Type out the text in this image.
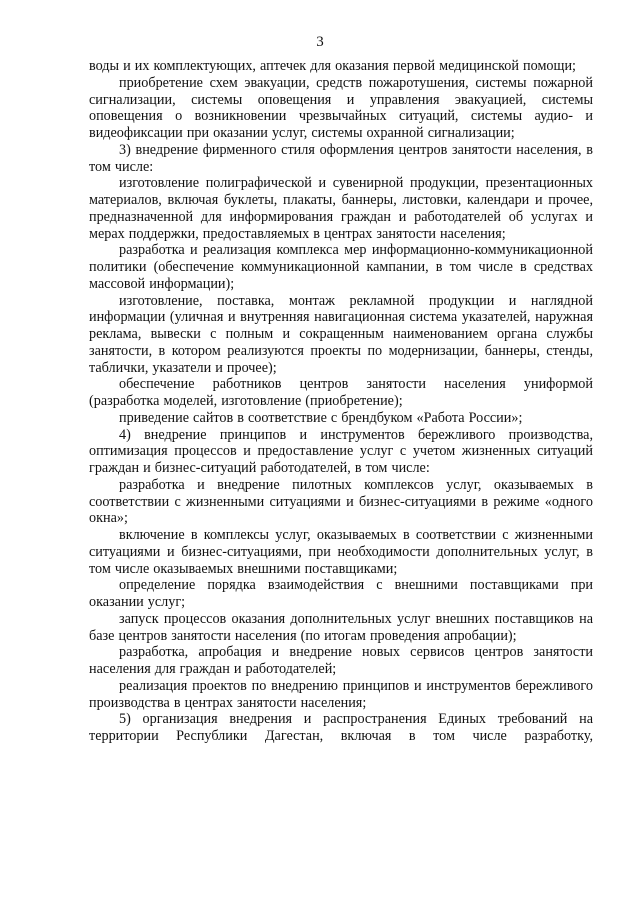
3

воды и их комплектующих, аптечек для оказания первой медицинской помощи;

приобретение схем эвакуации, средств пожаротушения, системы пожарной сигнализации, системы оповещения и управления эвакуацией, системы оповещения о возникновении чрезвычайных ситуаций, системы аудио- и видеофиксации при оказании услуг, системы охранной сигнализации;

3) внедрение фирменного стиля оформления центров занятости населения, в том числе:

изготовление полиграфической и сувенирной продукции, презентационных материалов, включая буклеты, плакаты, баннеры, листовки, календари и прочее, предназначенной для информирования граждан и работодателей об услугах и мерах поддержки, предоставляемых в центрах занятости населения;

разработка и реализация комплекса мер информационно-коммуникационной политики (обеспечение коммуникационной кампании, в том числе в средствах массовой информации);

изготовление, поставка, монтаж рекламной продукции и наглядной информации (уличная и внутренняя навигационная система указателей, наружная реклама, вывески с полным и сокращенным наименованием органа службы занятости, в котором реализуются проекты по модернизации, баннеры, стенды, таблички, указатели и прочее);

обеспечение работников центров занятости населения униформой (разработка моделей, изготовление (приобретение);

приведение сайтов в соответствие с брендбуком «Работа России»;

4) внедрение принципов и инструментов бережливого производства, оптимизация процессов и предоставление услуг с учетом жизненных ситуаций граждан и бизнес-ситуаций работодателей, в том числе:

разработка и внедрение пилотных комплексов услуг, оказываемых в соответствии с жизненными ситуациями и бизнес-ситуациями в режиме «одного окна»;

включение в комплексы услуг, оказываемых в соответствии с жизненными ситуациями и бизнес-ситуациями, при необходимости дополнительных услуг, в том числе оказываемых внешними поставщиками;

определение порядка взаимодействия с внешними поставщиками при оказании услуг;

запуск процессов оказания дополнительных услуг внешних поставщиков на базе центров занятости населения (по итогам проведения апробации);

разработка, апробация и внедрение новых сервисов центров занятости населения для граждан и работодателей;

реализация проектов по внедрению принципов и инструментов бережливого производства в центрах занятости населения;

5) организация внедрения и распространения Единых требований на территории Республики Дагестан, включая в том числе разработку,
